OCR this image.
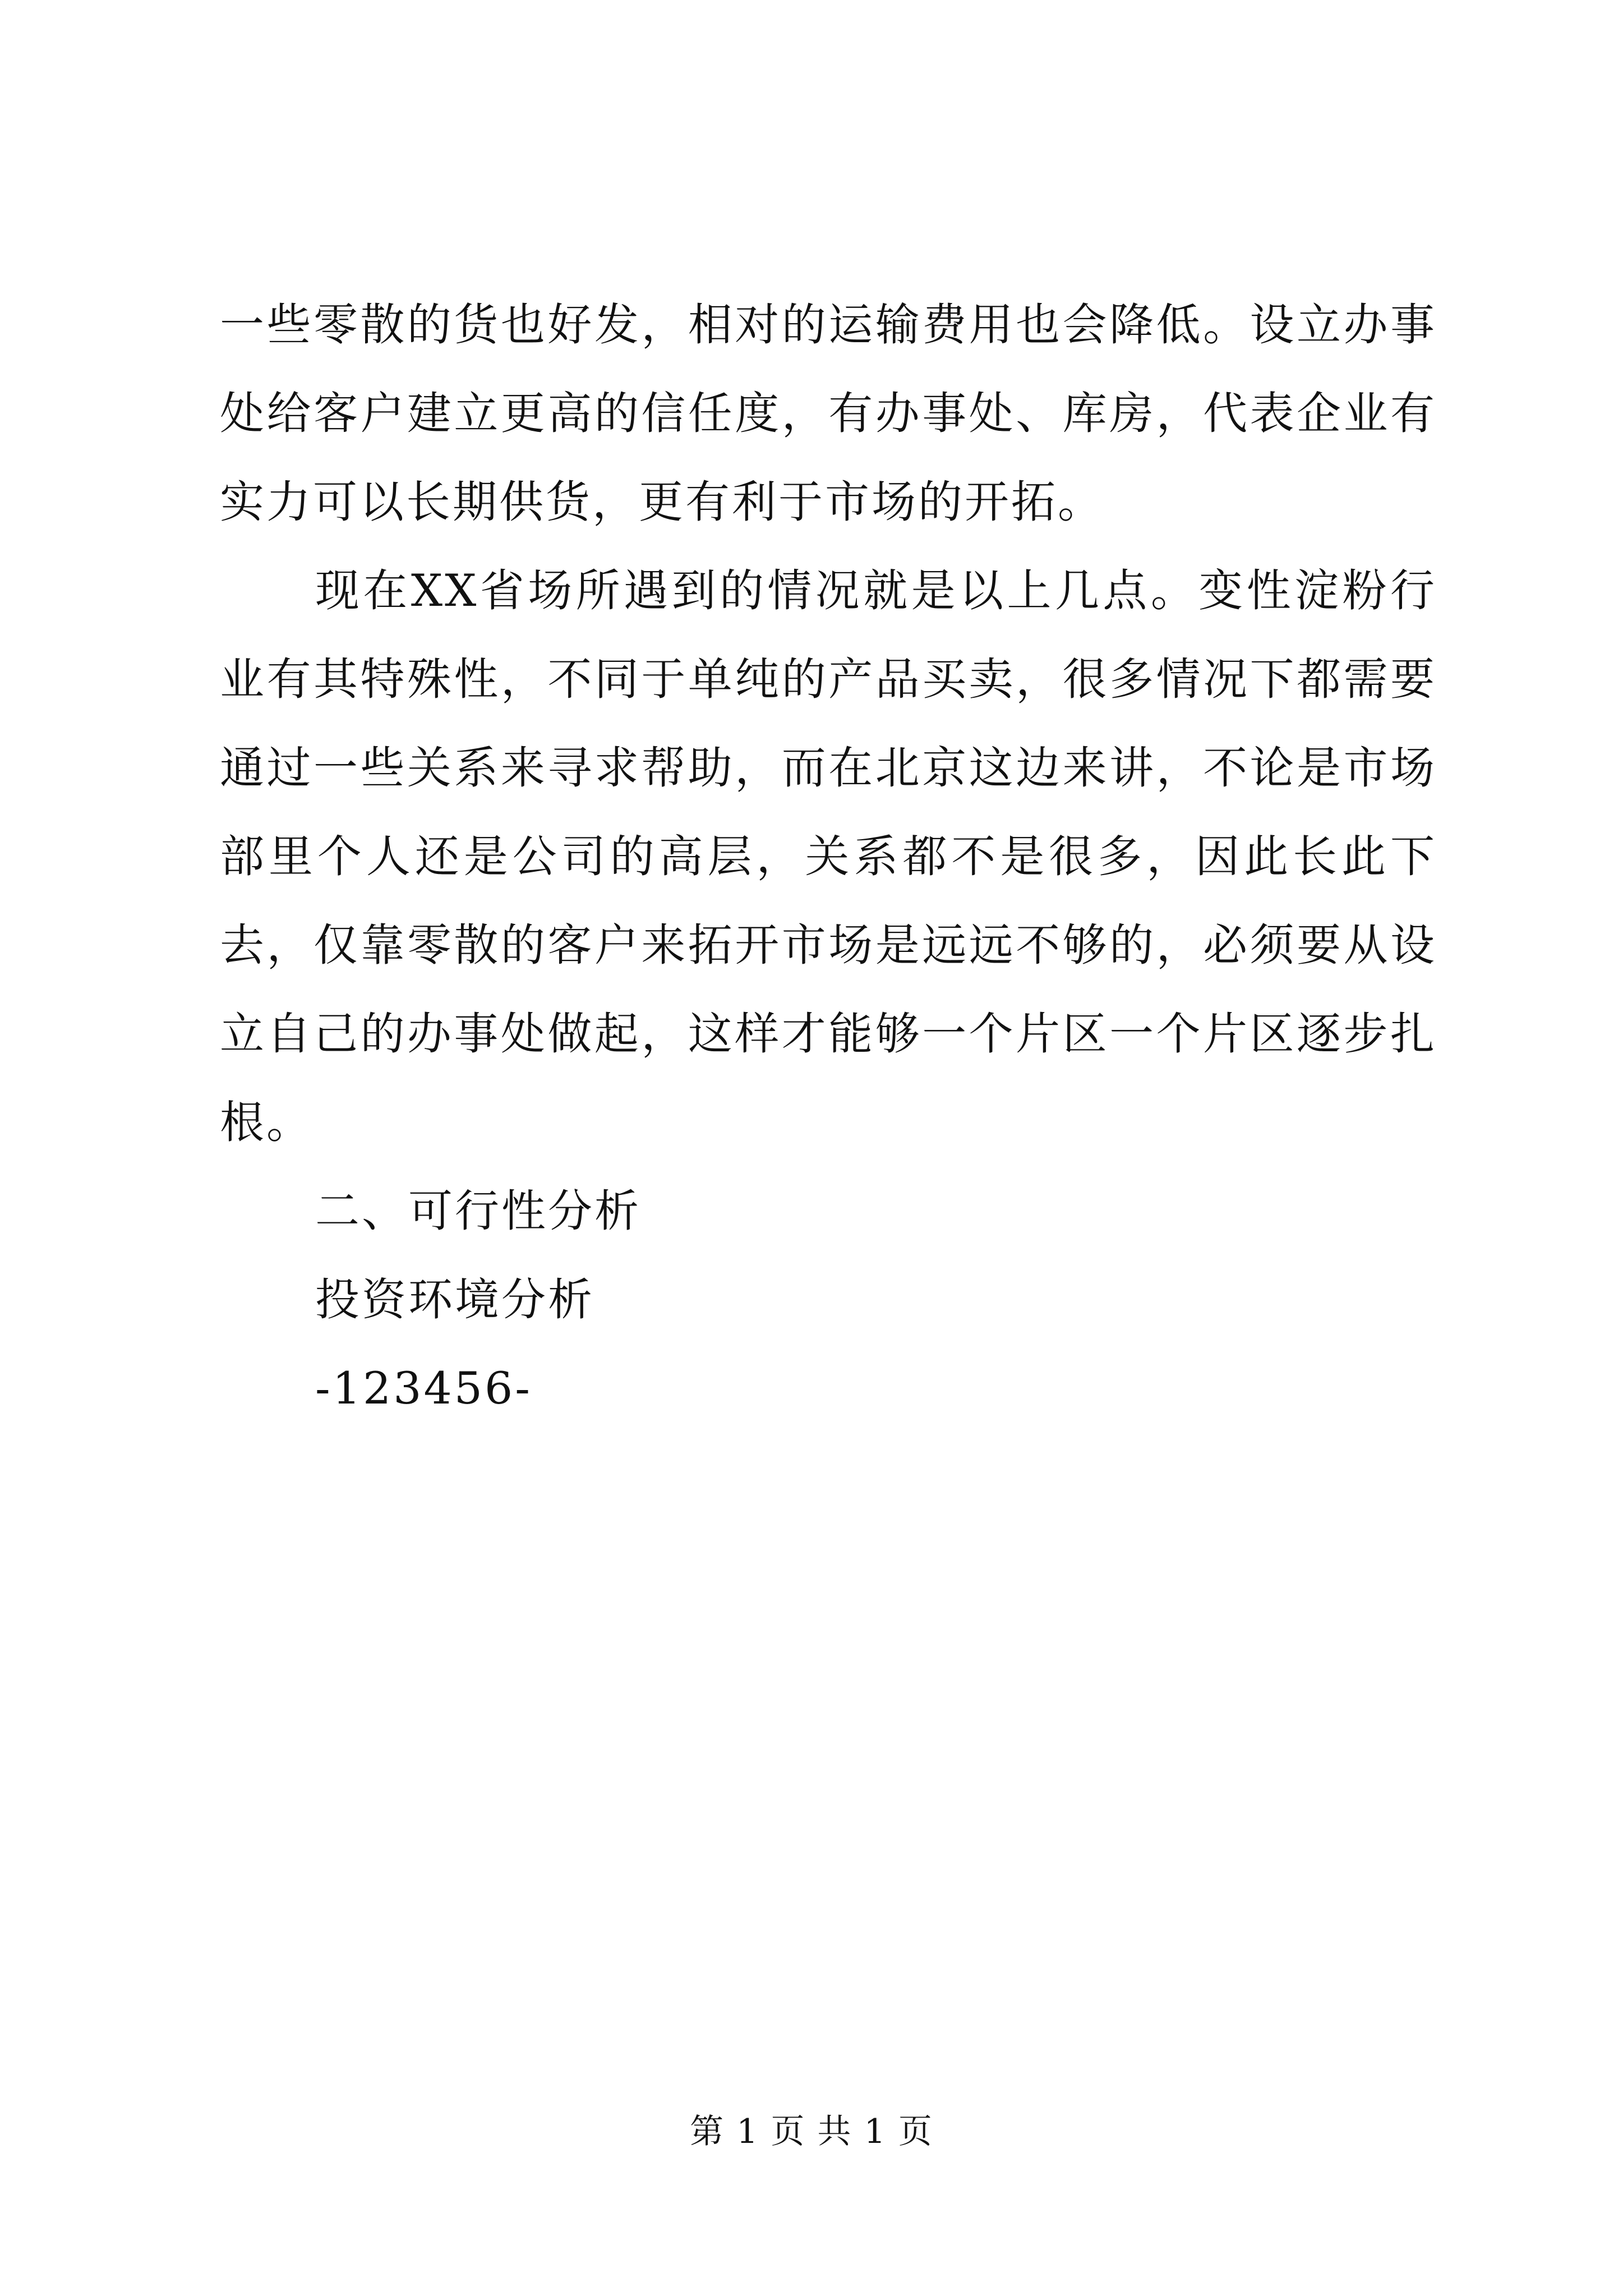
一些零散的货也好发，相对的运输费用也会降低。设立办事处给客户建立更高的信任度，有办事处、库房，代表企业有实力可以长期供货，更有利于市场的开拓。

现在XX省场所遇到的情况就是以上几点。变性淀粉行业有其特殊性，不同于单纯的产品买卖，很多情况下都需要通过一些关系来寻求帮助，而在北京这边来讲，不论是市场部里个人还是公司的高层，关系都不是很多，因此长此下去，仅靠零散的客户来拓开市场是远远不够的，必须要从设立自己的办事处做起，这样才能够一个片区一个片区逐步扎根。

二、可行性分析

投资环境分析

-123456-

第 1 页 共 1 页
